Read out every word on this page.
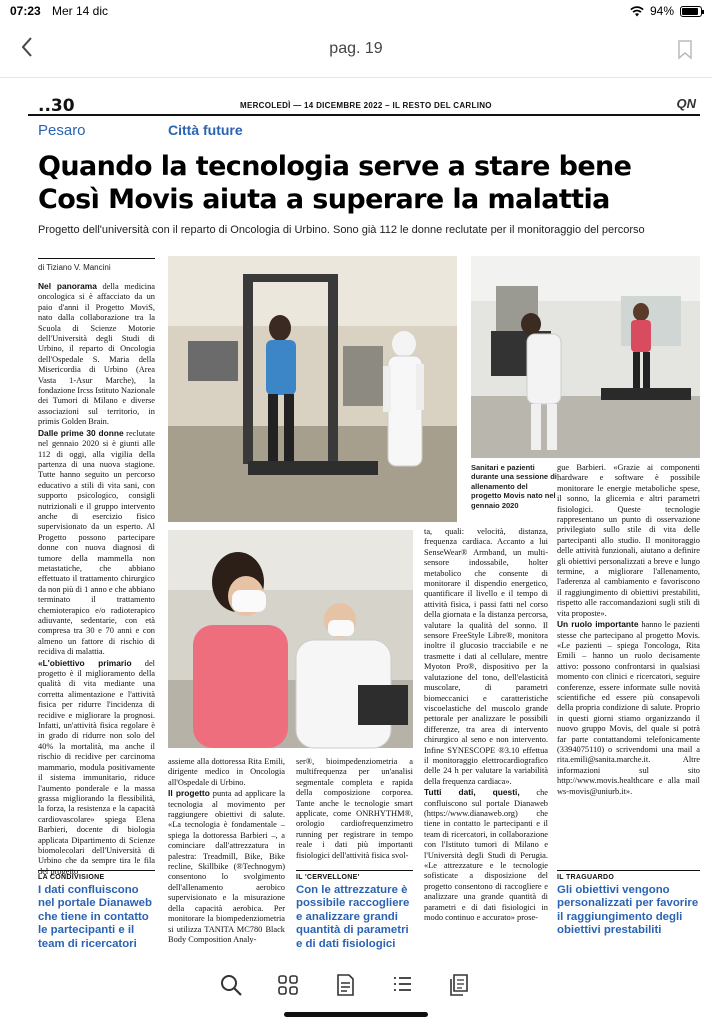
07:23 Mer 14 dic	94%
pag. 19
..30	MERCOLEDÌ — 14 DICEMBRE 2022 – IL RESTO DEL CARLINO	QN
Pesaro	Città future
Quando la tecnologia serve a stare bene
Così Movis aiuta a superare la malattia
Progetto dell'università con il reparto di Oncologia di Urbino. Sono già 112 le donne reclutate per il monitoraggio del percorso
di Tiziano V. Mancini

Nel panorama della medicina oncologica si è affacciato da un paio d'anni il Progetto MoviS, nato dalla collaborazione tra la Scuola di Scienze Motorie dell'Università degli Studi di Urbino, il reparto di Oncologia dell'Ospedale S. Maria della Misericordia di Urbino (Area Vasta 1-Asur Marche), la fondazione Ircss Istituto Nazionale dei Tumori di Milano e diverse associazioni sul territorio, in primis Golden Brain.

Dalle prime 30 donne reclutate nel gennaio 2020 si è giunti alle 112 di oggi, alla vigilia della partenza di una nuova stagione. Tutte hanno seguito un percorso educativo a stili di vita sani, con supporto psicologico, consigli nutrizionali e il gruppo intervento anche di esercizio fisico supervisionato da un esperto. Al Progetto possono partecipare donne con nuova diagnosi di tumore della mammella non metastatiche, che abbiano effettuato il trattamento chirurgico da non più di 1 anno e che abbiano terminato il trattamento chemioterapico e/o radioterapico adiuvante, sedentarie, con età compresa tra 30 e 70 anni e con almeno un fattore di rischio di recidiva di malattia.

«L'obiettivo primario del progetto è il miglioramento della qualità di vita mediante una corretta alimentazione e l'attività fisica per ridurre l'incidenza di recidive e migliorare la prognosi. Infatti, un'attività fisica regolare è in grado di ridurre non solo del 40% la mortalità, ma anche il rischio di recidive per carcinoma mammario, modula positivamente il sistema immunitario, riduce l'aumento ponderale e la massa grassa migliorando la flessibilità, la forza, la resistenza e la capacità cardiovascolare» spiega Elena Barbieri, docente di biologia applicata Dipartimento di Scienze biomolecolari dell'Università di Urbino che da sempre tira le fila del progetto

Sanitari e pazienti durante una sessione di allenamento del progetto Movis nato nel gennaio 2020

assieme alla dottoressa Rita Emili, dirigente medico in Oncologia all'Ospedale di Urbino.

Il progetto punta ad applicare la tecnologia al movimento per raggiungere obiettivi di salute. «La tecnologia è fondamentale – spiega la dottoressa Barbieri –, a cominciare dall'attrezzatura in palestra: Treadmill, Bike, Bike recline, Skillbike (®Technogym) consentono lo svolgimento dell'allenamento aerobico supervisionato e la misurazione della capacità aerobica. Per monitorare la biompedenziometria si utilizza TANITA MC780 Black Body Composition Analy-

ser®, bioimpedenziometria a multifrequenza per un'analisi segmentale completa e rapida della composizione corporea. Tante anche le tecnologie smart applicate, come ONRHYTHM®, orologio cardiofrequenzimetro running per registrare in tempo reale i dati più importanti fisiologici dell'attività fisica svol-

ta, quali: velocità, distanza, frequenza cardiaca. Accanto a lui SenseWear® Armband, un multi-sensore indossabile, holter metabolico che consente di monitorare il dispendio energetico, quantificare il livello e il tempo di attività fisica, i passi fatti nel corso della giornata e la distanza percorsa, valutare la qualità del sonno. Il sensore FreeStyle Libre®, monitora inoltre il glucosio tracciabile e ne trasmette i dati al cellulare, mentre Myoton Pro®, dispositivo per la valutazione del tono, dell'elasticità muscolare, di parametri biomeccanici e caratteristiche viscoelastiche del muscolo grande pettorale per analizzare le possibili differenze, tra area di intervento chirurgico al seno e non intervento. Infine SYNESCOPE ®3.10 effettua il monitoraggio elettrocardiografico delle 24 h per valutare la variabilità della frequenza cardiaca».

Tutti dati, questi, che confluiscono sul portale Dianaweb (https://www.dianaweb.org) che tiene in contatto le partecipanti e il team di ricercatori, in collaborazione con l'Istituto tumori di Milano e l'Università degli Studi di Perugia. «Le attrezzature e le tecnologie sofisticate a disposizione del progetto consentono di raccogliere e analizzare una grande quantità di parametri e di dati fisiologici in modo continuo e accurato» prose-

gue Barbieri. «Grazie ai componenti hardware e software è possibile monitorare le energie metaboliche spese, il sonno, la glicemia e altri parametri fisiologici. Queste tecnologie rappresentano un punto di osservazione privilegiato sullo stile di vita delle partecipanti allo studio. Il monitoraggio delle attività funzionali, aiutano a definire gli obiettivi personalizzati a breve e lungo termine, a migliorare l'allenamento, l'aderenza al cambiamento e favoriscono il raggiungimento di obiettivi prestabiliti, rispetto alle raccomandazioni sugli stili di vita proposte».

Un ruolo importante hanno le pazienti stesse che partecipano al progetto Movis. «Le pazienti – spiega l'oncologa, Rita Emili – hanno un ruolo decisamente attivo: possono confrontarsi in qualsiasi momento con clinici e ricercatori, seguire conferenze, essere informate sulle novità scientifiche ed essere più consapevoli della propria condizione di salute. Proprio in questi giorni stiamo organizzando il nuovo gruppo Movis, del quale si potrà far parte contattandomi telefonicamente (3394075110) o scrivendomi una mail a rita.emili@sanita.marche.it. Altre informazioni sul sito http://www.movis.healthcare e alla mail ws-movis@uniurb.it».

LA CONDIVISIONE
I dati confluiscono nel portale Dianaweb che tiene in contatto le partecipanti e il team di ricercatori
IL 'CERVELLONE'
Con le attrezzature è possibile raccogliere e analizzare grandi quantità di parametri e di dati fisiologici
IL TRAGUARDO
Gli obiettivi vengono personalizzati per favorire il raggiungimento degli obiettivi prestabiliti
